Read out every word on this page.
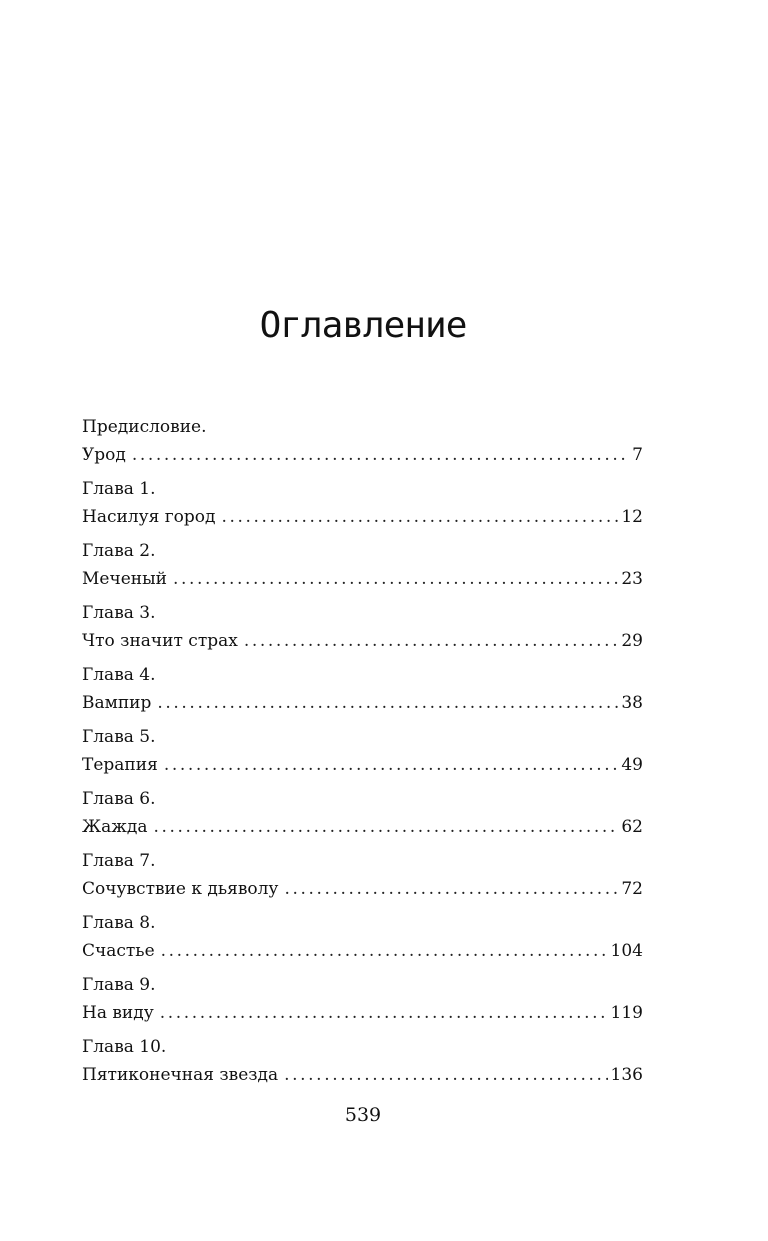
Оглавление
Предисловие.
Урод . . .	7
Глава 1.
Насилуя город . . .	12
Глава 2.
Меченый . . .	23
Глава 3.
Что значит страх . . .	29
Глава 4.
Вампир . . .	38
Глава 5.
Терапия . . .	49
Глава 6.
Жажда . . .	62
Глава 7.
Сочувствие к дьяволу . . .	72
Глава 8.
Счастье . . .	104
Глава 9.
На виду . . .	119
Глава 10.
Пятиконечная звезда . . .	136
539
